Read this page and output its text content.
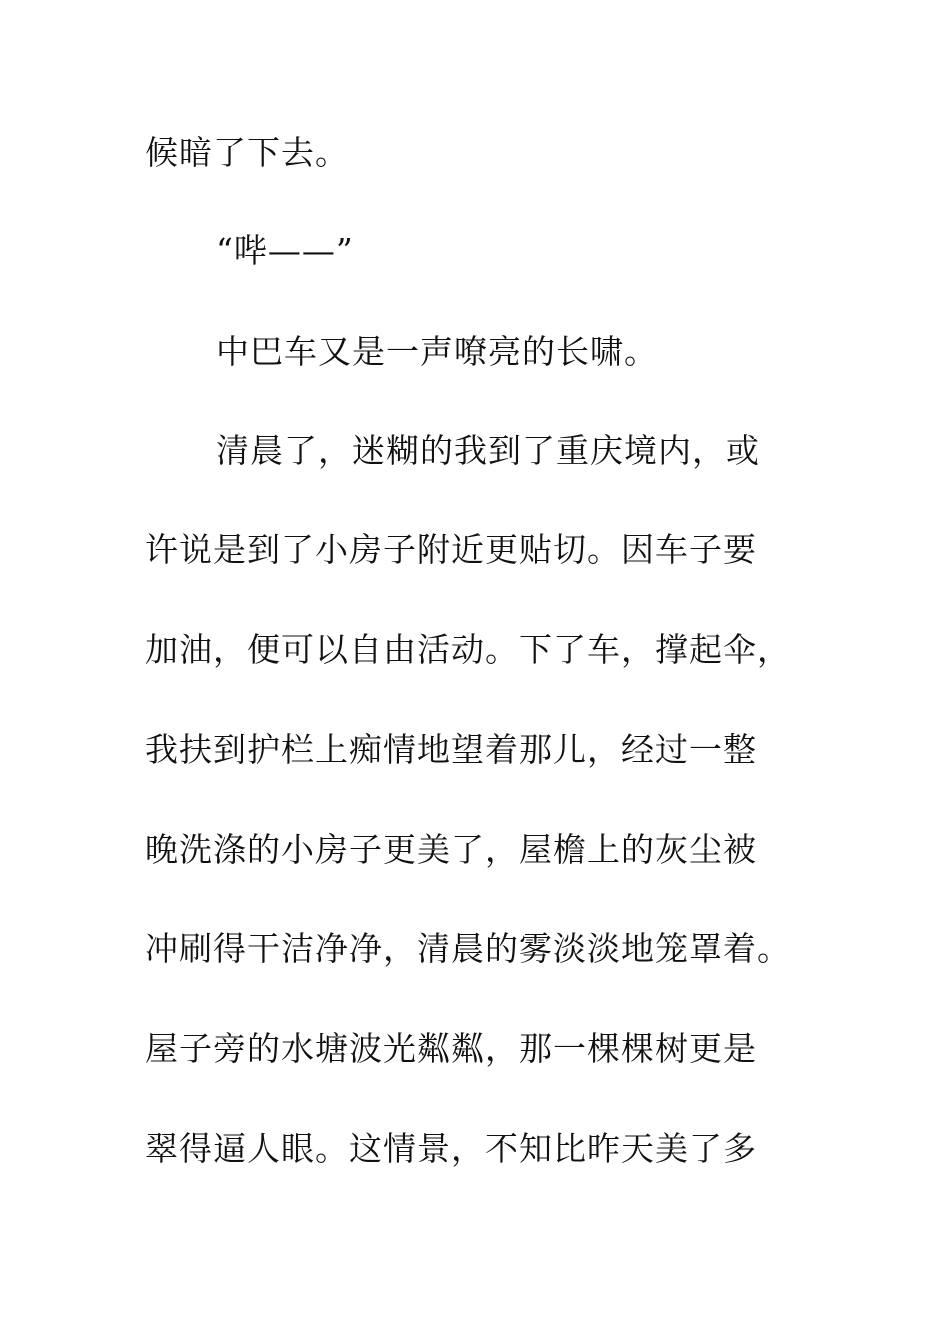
候暗了下去。
“哔——”
中巴车又是一声嘹亮的长啸。
清晨了，迷糊的我到了重庆境内，或
许说是到了小房子附近更贴切。因车子要
加油，便可以自由活动。下了车，撑起伞，
我扶到护栏上痴情地望着那儿，经过一整
晚洗涤的小房子更美了，屋檐上的灰尘被
冲刷得干洁净净，清晨的雾淡淡地笼罩着。
屋子旁的水塘波光粼粼，那一棵棵树更是
翠得逼人眼。这情景，不知比昨天美了多
